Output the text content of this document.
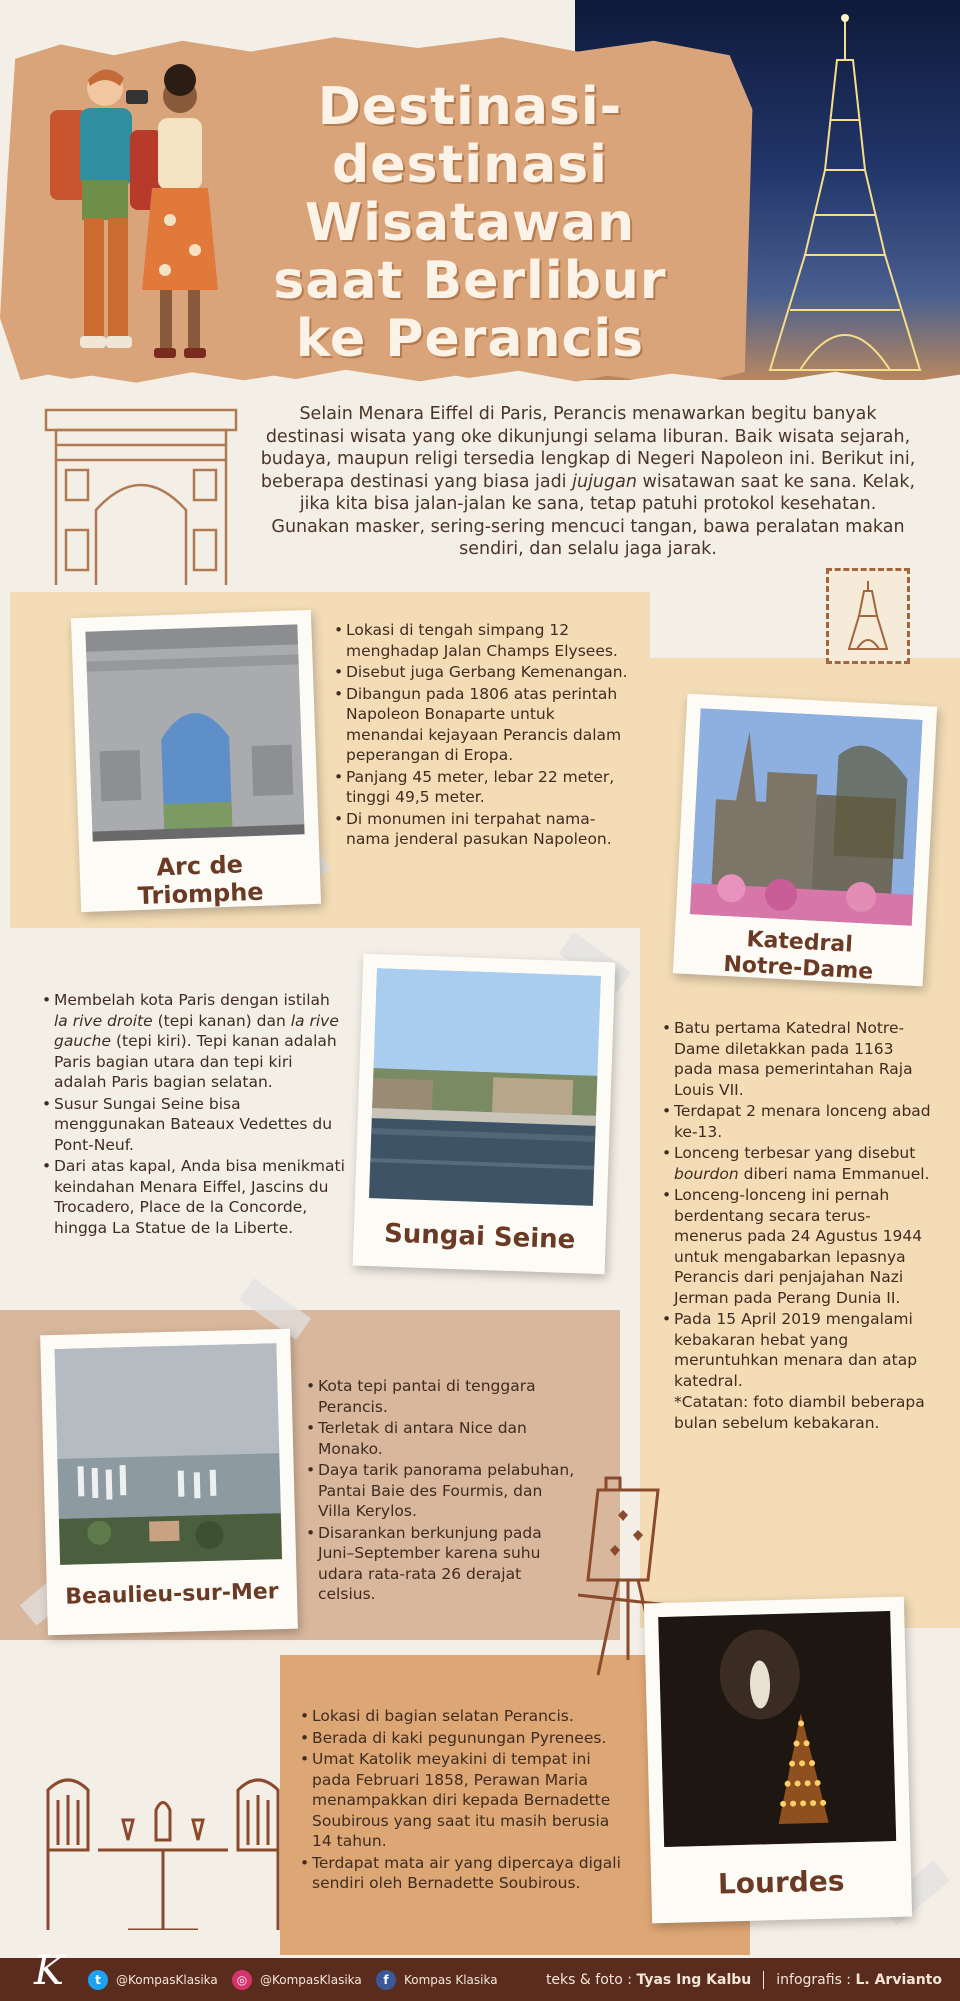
Destinasi-
destinasi
Wisatawan
saat Berlibur
ke Perancis

Selain Menara Eiffel di Paris, Perancis menawarkan begitu banyak destinasi wisata yang oke dikunjungi selama liburan. Baik wisata sejarah, budaya, maupun religi tersedia lengkap di Negeri Napoleon ini. Berikut ini, beberapa destinasi yang biasa jadi jujugan wisatawan saat ke sana. Kelak, jika kita bisa jalan-jalan ke sana, tetap patuhi protokol kesehatan. Gunakan masker, sering-sering mencuci tangan, bawa peralatan makan sendiri, dan selalu jaga jarak.

Arc de Triomphe
• Lokasi di tengah simpang 12 menghadap Jalan Champs Elysees.
• Disebut juga Gerbang Kemenangan.
• Dibangun pada 1806 atas perintah Napoleon Bonaparte untuk menandai kejayaan Perancis dalam peperangan di Eropa.
• Panjang 45 meter, lebar 22 meter, tinggi 49,5 meter.
• Di monumen ini terpahat nama-nama jenderal pasukan Napoleon.
Katedral
Notre-Dame
• Batu pertama Katedral Notre-Dame diletakkan pada 1163 pada masa pemerintahan Raja Louis VII.
• Terdapat 2 menara lonceng abad ke-13.
• Lonceng terbesar yang disebut bourdon diberi nama Emmanuel.
• Lonceng-lonceng ini pernah berdentang secara terus-menerus pada 24 Agustus 1944 untuk mengabarkan lepasnya Perancis dari penjajahan Nazi Jerman pada Perang Dunia II.
• Pada 15 April 2019 mengalami kebakaran hebat yang meruntuhkan menara dan atap katedral.
*Catatan: foto diambil beberapa bulan sebelum kebakaran.
• Membelah kota Paris dengan istilah la rive droite (tepi kanan) dan la rive gauche (tepi kiri). Tepi kanan adalah Paris bagian utara dan tepi kiri adalah Paris bagian selatan.
• Susur Sungai Seine bisa menggunakan Bateaux Vedettes du Pont-Neuf.
• Dari atas kapal, Anda bisa menikmati keindahan Menara Eiffel, Jascins du Trocadero, Place de la Concorde, hingga La Statue de la Liberte.	Sungai Seine
Beaulieu-sur-Mer
• Kota tepi pantai di tenggara Perancis.
• Terletak di antara Nice dan Monako.
• Daya tarik panorama pelabuhan, Pantai Baie des Fourmis, dan Villa Kerylos.
• Disarankan berkunjung pada Juni–September karena suhu udara rata-rata 26 derajat celsius.
• Lokasi di bagian selatan Perancis.
• Berada di kaki pegunungan Pyrenees.
• Umat Katolik meyakini di tempat ini pada Februari 1858, Perawan Maria menampakkan diri kepada Bernadette Soubirous yang saat itu masih berusia 14 tahun.
• Terdapat mata air yang dipercaya digali sendiri oleh Bernadette Soubirous.	Lourdes
t	@KompasKlasika	◎	@KompasKlasika	f	Kompas Klasika	teks & foto : Tyas Ing Kalbu infografis : L. Arvianto
K
